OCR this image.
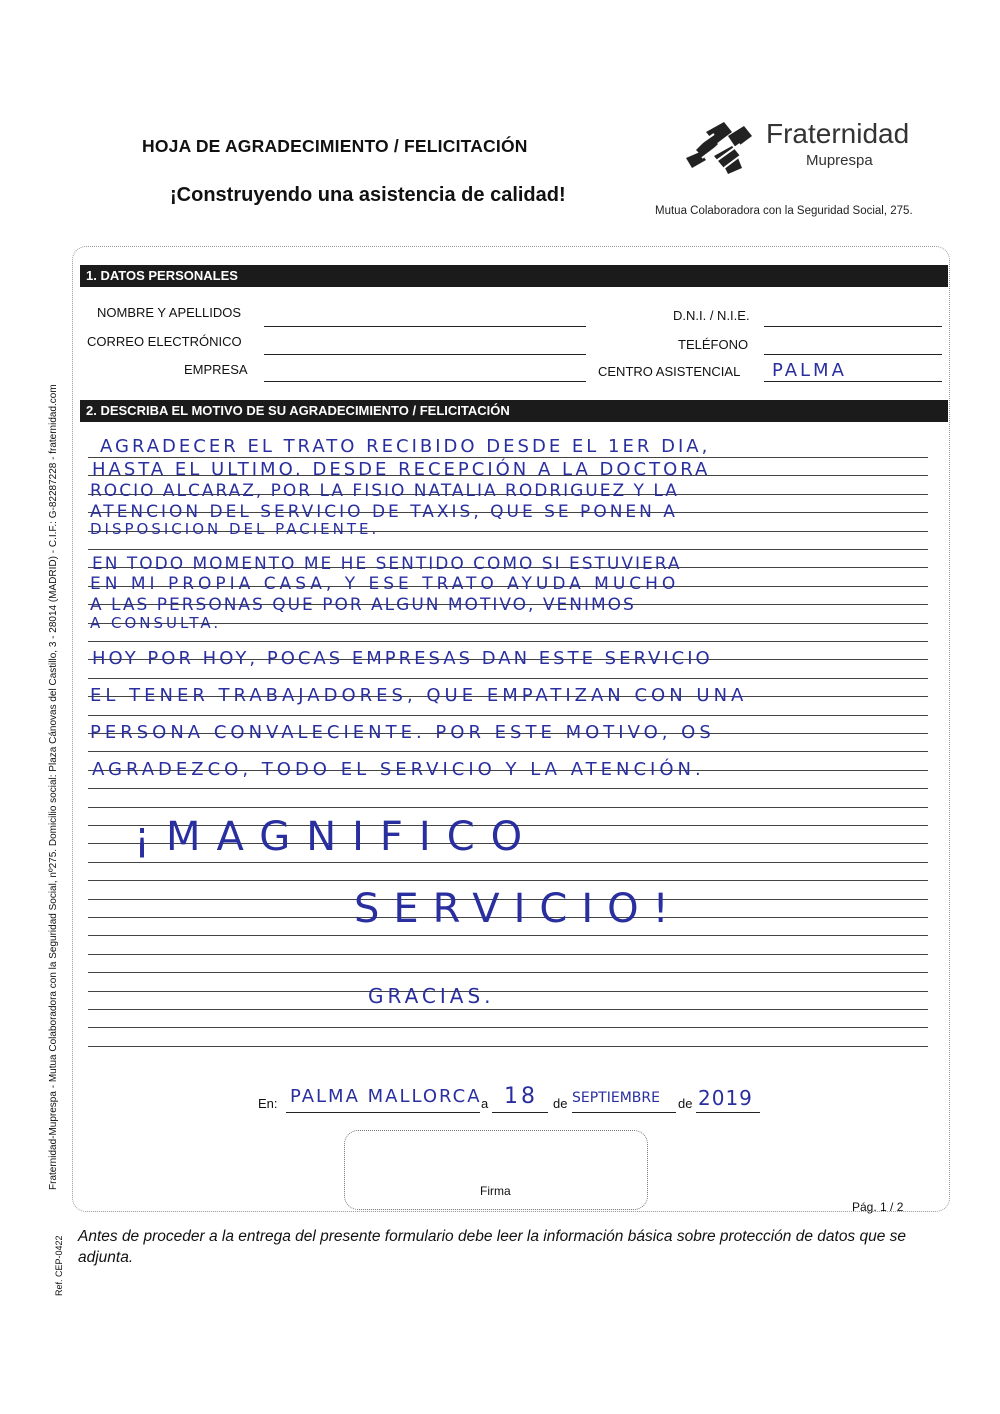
HOJA DE AGRADECIMIENTO / FELICITACIÓN
¡Construyendo una asistencia de calidad!
Fraternidad
Muprespa
Mutua Colaboradora con la Seguridad Social, 275.
1. DATOS PERSONALES
NOMBRE Y APELLIDOS	D.N.I. / N.I.E.
CORREO ELECTRÓNICO	TELÉFONO
EMPRESA	CENTRO ASISTENCIAL PALMA
2. DESCRIBA EL MOTIVO DE SU AGRADECIMIENTO / FELICITACIÓN
AGRADECER EL TRATO RECIBIDO DESDE EL 1ER DIA,
HASTA EL ULTIMO. DESDE RECEPCIÓN A LA DOCTORA
ROCIO ALCARAZ, POR LA FISIO NATALIA RODRIGUEZ Y LA
ATENCION DEL SERVICIO DE TAXIS, QUE SE PONEN A
DISPOSICION DEL PACIENTE.
EN TODO MOMENTO ME HE SENTIDO COMO SI ESTUVIERA
EN MI PROPIA CASA, Y ESE TRATO AYUDA MUCHO
A LAS PERSONAS QUE POR ALGUN MOTIVO, VENIMOS
A CONSULTA.
HOY POR HOY, POCAS EMPRESAS DAN ESTE SERVICIO
EL TENER TRABAJADORES, QUE EMPATIZAN CON UNA
PERSONA CONVALECIENTE. POR ESTE MOTIVO, OS
AGRADEZCO, TODO EL SERVICIO Y LA ATENCIÓN.
¡MAGNIFICO
SERVICIO!
GRACIAS.
En: PALMA MALLORCA a 18 de SEPTIEMBRE de 2019
Firma
Pág. 1 / 2
Antes de proceder a la entrega del presente formulario debe leer la información básica sobre protección de datos que se adjunta.
Fraternidad-Muprespa - Mutua Colaboradora con la Seguridad Social, nº275. Domicilio social: Plaza Cánovas del Castillo, 3 - 28014 (MADRID) - C.I.F.: G-82287228 - fraternidad.com
Ref. CEP-0422
